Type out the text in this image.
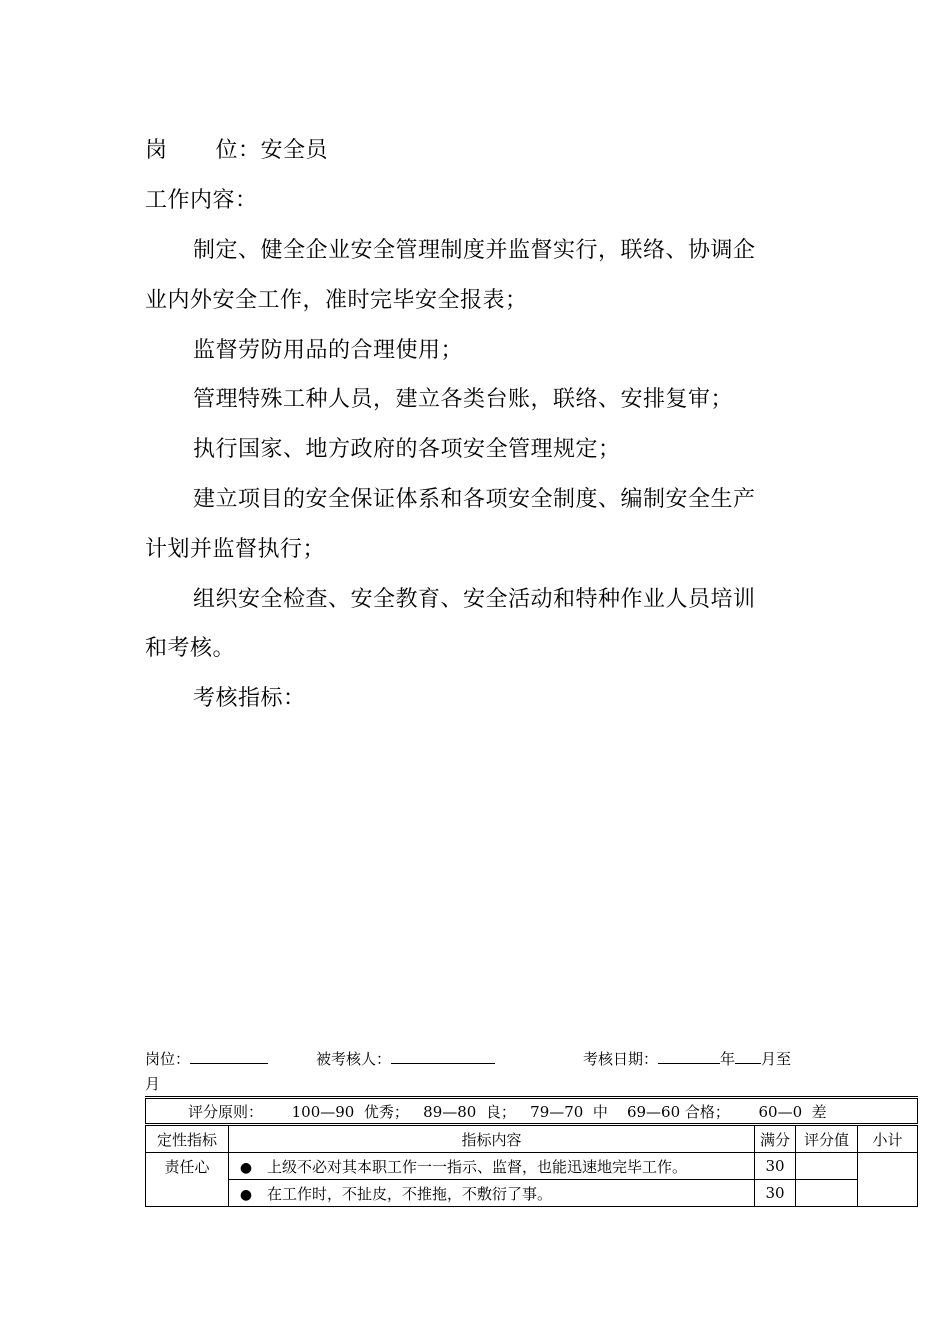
岗 位：安全员
工作内容：
制定、健全企业安全管理制度并监督实行，联络、协调企
业内外安全工作，准时完毕安全报表；
监督劳防用品的合理使用；
管理特殊工种人员，建立各类台账，联络、安排复审；
执行国家、地方政府的各项安全管理规定；
建立项目的安全保证体系和各项安全制度、编制安全生产
计划并监督执行；
组织安全检查、安全教育、安全活动和特种作业人员培训
和考核。
考核指标：
岗位：	被考核人：	考核日期：	年 月至
月
评分原则：      100—90  优秀；   89—80  良；   79—70  中    69—60 合格；      60—0  差				
定性指标	指标内容	满分	评分值	小计
责任心	● 上级不必对其本职工作一一指示、监督，也能迅速地完毕工作。	30		
	● 在工作时，不扯皮，不推拖，不敷衍了事。	30		
